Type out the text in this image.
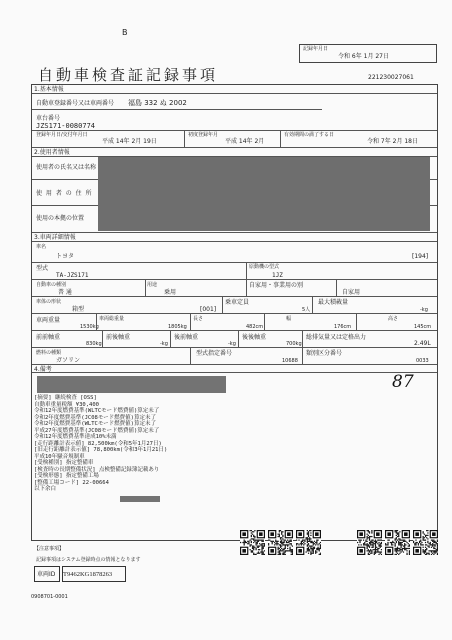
B
自動車検査証記録事項
記録年月日
令和 6年 1月 27日
221230027061
1.基本情報
自動車登録番号又は車両番号 福島 332 ぬ 2002
車台番号
JZS171-0080774
登録年月日/交付年月日
平成 14年 2月 19日
初度登録年月
平成 14年 2月
有効期間の満了する日
令和 7年 2月 18日
2.使用者情報
使用者の氏名又は名称
使 用 者 の 住 所
使用の本拠の位置
3.車両詳細情報
車名
トヨタ	[194]
型式
TA-JZS171
原動機の型式
1JZ
自動車の種別
普 通
用途
乗用
自家用・事業用の別
自家用
車体の形状
箱型	[001]
乗車定員
5人
最大積載量
-kg
車両重量
1530kg
車両総重量
1805kg
長さ
482cm
幅
176cm
高さ
145cm
前前軸重
830kg
前後軸重
-kg
後前軸重
-kg
後後軸重
700kg
総排気量又は定格出力
2.49L
燃料の種類
ガソリン
型式指定番号
10688
類別区分番号
0033
4.備考
87
[摘要] 継続検査 [OSS]
自動車重量税額 ¥30,400
令和12年度燃費基準(WLTCモード燃費値)算定未了
令和2年度燃費基準(JC08モード燃費値)算定未了
令和2年度燃費基準(WLTCモード燃費値)算定未了
平成27年度燃費基準(JC08モード燃費値)算定未了
令和12年度燃費基準達成10%未満
[走行距離計表示値] 82,500km(令和5年1月27日)
[旧走行距離計表示値] 78,800km(令和3年1月21日)
平成10年騒音規制車
[受検種別] 指定整備車
[検査時の長期整備状況] 点検整備記録簿記載あり
[受検形態] 指定整備工場
[整備工場コード] 22-00664
以下余白
【注意事項】
記録事項はシステム登録時点の情報となります
車両ID T9462KG1878263
0908701-0001
